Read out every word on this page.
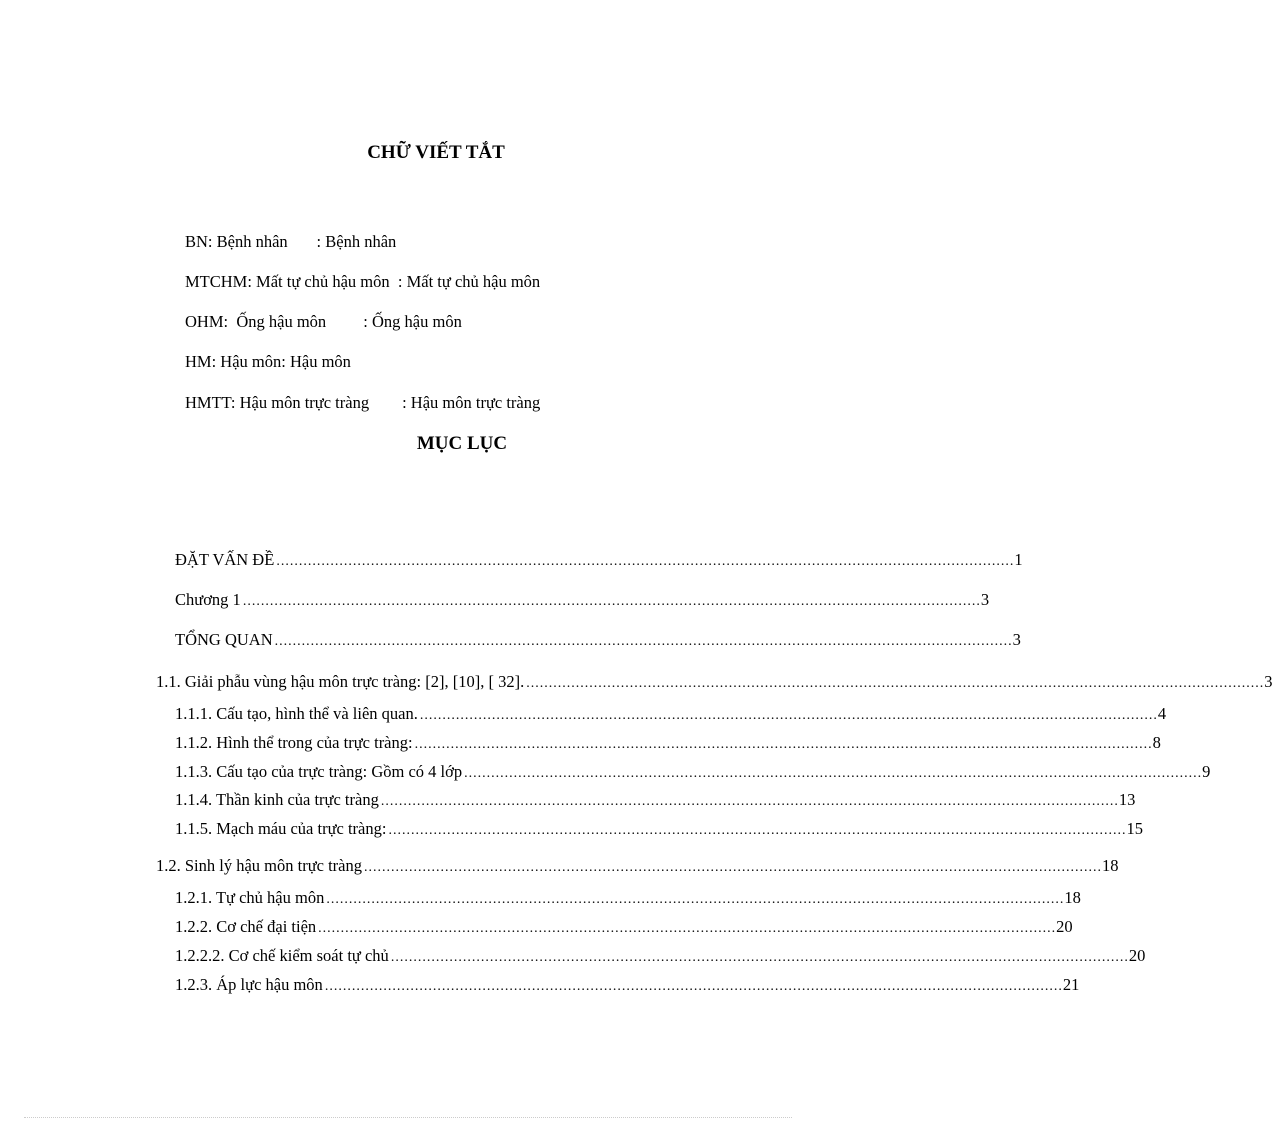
CHỮ VIẾT TẮT
BN: Bệnh nhân       : Bệnh nhân
MTCHM: Mất tự chủ hậu môn  : Mất tự chủ hậu môn
OHM:  Ống hậu môn         : Ống hậu môn
HM: Hậu môn: Hậu môn
HMTT: Hậu môn trực tràng        : Hậu môn trực tràng
MỤC LỤC
ĐẶT VẤN ĐỀ .................................................................................................................................................................... 1
Chương 1 .................................................................................................................................................................... 3
TỔNG QUAN .................................................................................................................................................................... 3
1.1. Giải phẫu vùng hậu môn trực tràng: [2], [10], [ 32]. .................................................................................................................................................................... 3
1.1.1. Cấu tạo, hình thể và liên quan. .................................................................................................................................................................... 4
1.1.2. Hình thể trong của trực tràng: .................................................................................................................................................................... 8
1.1.3. Cấu tạo của trực tràng: Gồm có 4 lớp .................................................................................................................................................................... 9
1.1.4. Thần kinh của trực tràng .................................................................................................................................................................... 13
1.1.5. Mạch máu của trực tràng: .................................................................................................................................................................... 15
1.2. Sinh lý hậu môn trực tràng .................................................................................................................................................................... 18
1.2.1. Tự chủ hậu môn .................................................................................................................................................................... 18
1.2.2. Cơ chế đại tiện .................................................................................................................................................................... 20
1.2.2.2. Cơ chế kiểm soát tự chủ .................................................................................................................................................................... 20
1.2.3. Áp lực hậu môn .................................................................................................................................................................... 21
